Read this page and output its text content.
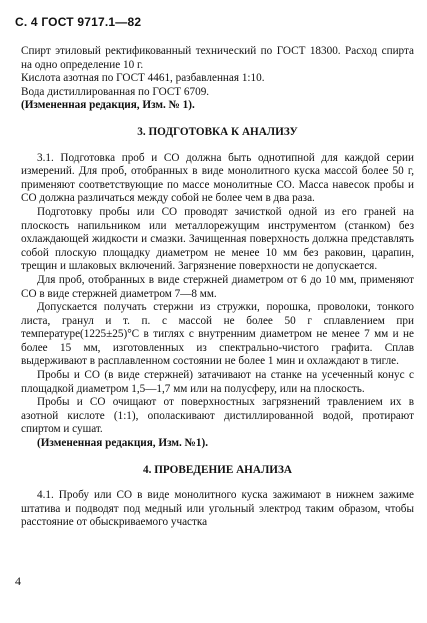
С. 4 ГОСТ 9717.1—82

Спирт этиловый ректификованный технический по ГОСТ 18300. Расход спирта на одно определение 10 г.

Кислота азотная по ГОСТ 4461, разбавленная 1:10.

Вода дистиллированная по ГОСТ 6709.

(Измененная редакция, Изм. № 1).

3. ПОДГОТОВКА К АНАЛИЗУ

3.1. Подготовка проб и СО должна быть однотипной для каждой серии измерений. Для проб, отобранных в виде монолитного куска массой более 50 г, применяют соответствующие по массе монолитные СО. Масса навесок пробы и СО должна различаться между собой не более чем в два раза.

Подготовку пробы или СО проводят зачисткой одной из его граней на плоскость напильником или металлорежущим инструментом (станком) без охлаждающей жидкости и смазки. Зачищенная поверхность должна представлять собой плоскую площадку диаметром не менее 10 мм без раковин, царапин, трещин и шлаковых включений. Загрязнение поверхности не допускается.

Для проб, отобранных в виде стержней диаметром от 6 до 10 мм, применяют СО в виде стержней диаметром 7—8 мм.

Допускается получать стержни из стружки, порошка, проволоки, тонкого листа, гранул и т. п. с массой не более 50 г сплавлением при температуре(1225±25)°С в тиглях с внутренним диаметром не менее 7 мм и не более 15 мм, изготовленных из спектрально-чистого графита. Сплав выдерживают в расплавленном состоянии не более 1 мин и охлаждают в тигле.

Пробы и СО (в виде стержней) затачивают на станке на усеченный конус с площадкой диаметром 1,5—1,7 мм или на полусферу, или на плоскость.

Пробы и СО очищают от поверхностных загрязнений травлением их в азотной кислоте (1:1), ополаскивают дистиллированной водой, протирают спиртом и сушат.

(Измененная редакция, Изм. №1).

4. ПРОВЕДЕНИЕ АНАЛИЗА

4.1. Пробу или СО в виде монолитного куска зажимают в нижнем зажиме штатива и подводят под медный или угольный электрод таким образом, чтобы расстояние от обыскриваемого участка

4
